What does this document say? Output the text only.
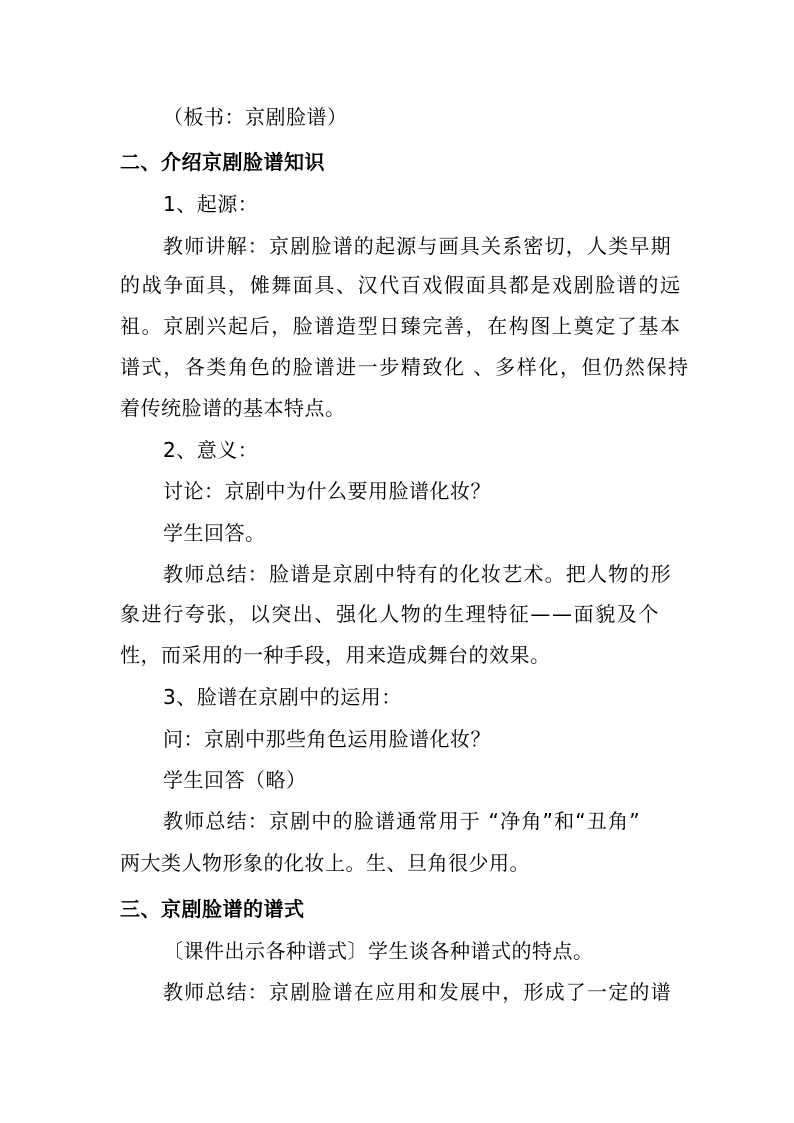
（板书：京剧脸谱）
二、介绍京剧脸谱知识
1、起源：
教师讲解：京剧脸谱的起源与画具关系密切，人类早期
的战争面具，傩舞面具、汉代百戏假面具都是戏剧脸谱的远
祖。京剧兴起后，脸谱造型日臻完善，在构图上奠定了基本
谱式，各类角色的脸谱进一步精致化 、多样化，但仍然保持
着传统脸谱的基本特点。
2、意义：
讨论：京剧中为什么要用脸谱化妆？
学生回答。
教师总结：脸谱是京剧中特有的化妆艺术。把人物的形
象进行夸张，以突出、强化人物的生理特征——面貌及个
性，而采用的一种手段，用来造成舞台的效果。
3、脸谱在京剧中的运用：
问：京剧中那些角色运用脸谱化妆？
学生回答（略）
教师总结：京剧中的脸谱通常用于 “净角”和“丑角”
两大类人物形象的化妆上。生、旦角很少用。
三、京剧脸谱的谱式
〔课件出示各种谱式〕学生谈各种谱式的特点。
教师总结：京剧脸谱在应用和发展中，形成了一定的谱
